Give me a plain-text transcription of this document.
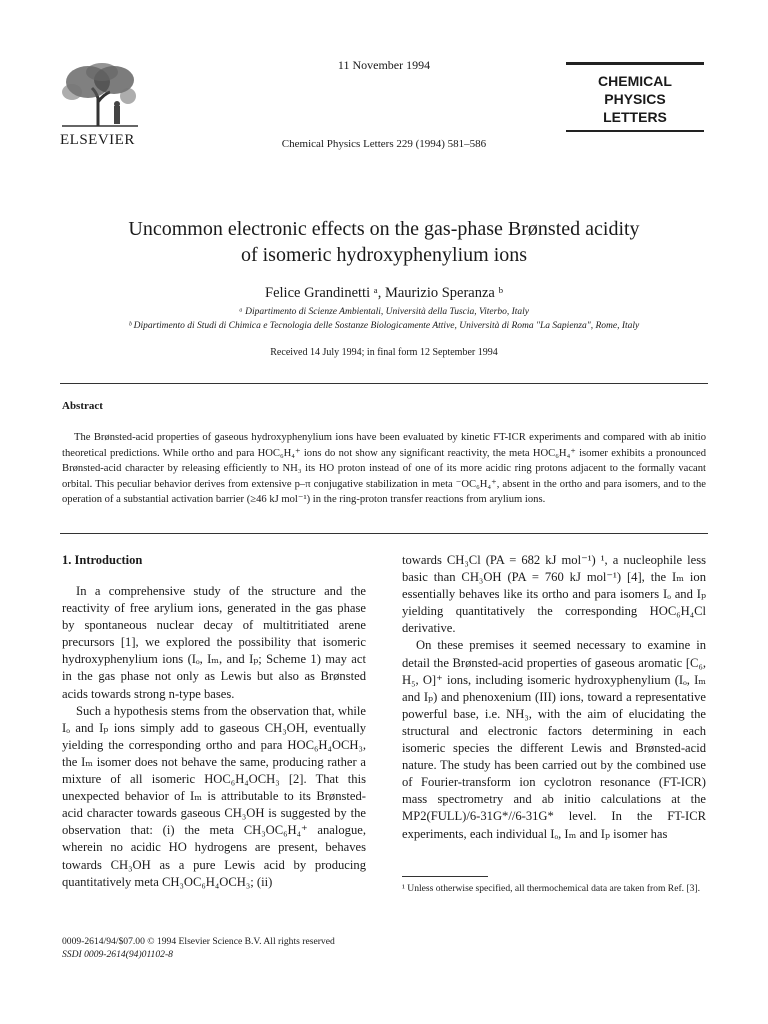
ELSEVIER
11 November 1994
Chemical Physics Letters 229 (1994) 581–586
CHEMICAL
PHYSICS
LETTERS
Uncommon electronic effects on the gas-phase Brønsted acidity
of isomeric hydroxyphenylium ions
Felice Grandinetti ᵃ, Maurizio Speranza ᵇ
ᵃ Dipartimento di Scienze Ambientali, Università della Tuscia, Viterbo, Italy
ᵇ Dipartimento di Studi di Chimica e Tecnologia delle Sostanze Biologicamente Attive, Università di Roma "La Sapienza", Rome, Italy
Received 14 July 1994; in final form 12 September 1994
Abstract
The Brønsted-acid properties of gaseous hydroxyphenylium ions have been evaluated by kinetic FT-ICR experiments and compared with ab initio theoretical predictions. While ortho and para HOC₆H₄⁺ ions do not show any significant reactivity, the meta HOC₆H₄⁺ isomer exhibits a pronounced Brønsted-acid character by releasing efficiently to NH₃ its HO proton instead of one of its more acidic ring protons adjacent to the formally vacant orbital. This peculiar behavior derives from extensive p–π conjugative stabilization in meta ⁻OC₆H₄⁺, absent in the ortho and para isomers, and to the operation of a substantial activation barrier (≥46 kJ mol⁻¹) in the ring-proton transfer reactions from arylium ions.
1. Introduction

In a comprehensive study of the structure and the reactivity of free arylium ions, generated in the gas phase by spontaneous nuclear decay of multitritiated arene precursors [1], we explored the possibility that isomeric hydroxyphenylium ions (Iₒ, Iₘ, and Iₚ; Scheme 1) may act in the gas phase not only as Lewis but also as Brønsted acids towards strong n-type bases.

Such a hypothesis stems from the observation that, while Iₒ and Iₚ ions simply add to gaseous CH₃OH, eventually yielding the corresponding ortho and para HOC₆H₄OCH₃, the Iₘ isomer does not behave the same, producing rather a mixture of all isomeric HOC₆H₄OCH₃ [2]. That this unexpected behavior of Iₘ is attributable to its Brønsted-acid character towards gaseous CH₃OH is suggested by the observation that: (i) the meta CH₃OC₆H₄⁺ analogue, wherein no acidic HO hydrogens are present, behaves towards CH₃OH as a pure Lewis acid by producing quantitatively meta CH₃OC₆H₄OCH₃; (ii)

towards CH₃Cl (PA = 682 kJ mol⁻¹) ¹, a nucleophile less basic than CH₃OH (PA = 760 kJ mol⁻¹) [4], the Iₘ ion essentially behaves like its ortho and para isomers Iₒ and Iₚ yielding quantitatively the corresponding HOC₆H₄Cl derivative.

On these premises it seemed necessary to examine in detail the Brønsted-acid properties of gaseous aromatic [C₆, H₅, O]⁺ ions, including isomeric hydroxyphenylium (Iₒ, Iₘ and Iₚ) and phenoxenium (III) ions, toward a representative powerful base, i.e. NH₃, with the aim of elucidating the structural and electronic factors determining in each isomeric species the different Lewis and Brønsted-acid nature. The study has been carried out by the combined use of Fourier-transform ion cyclotron resonance (FT-ICR) mass spectrometry and ab initio calculations at the MP2(FULL)/6-31G*//6-31G* level. In the FT-ICR experiments, each individual Iₒ, Iₘ and Iₚ isomer has

¹ Unless otherwise specified, all thermochemical data are taken from Ref. [3].
0009-2614/94/$07.00 © 1994 Elsevier Science B.V. All rights reserved
SSDI 0009-2614(94)01102-8
